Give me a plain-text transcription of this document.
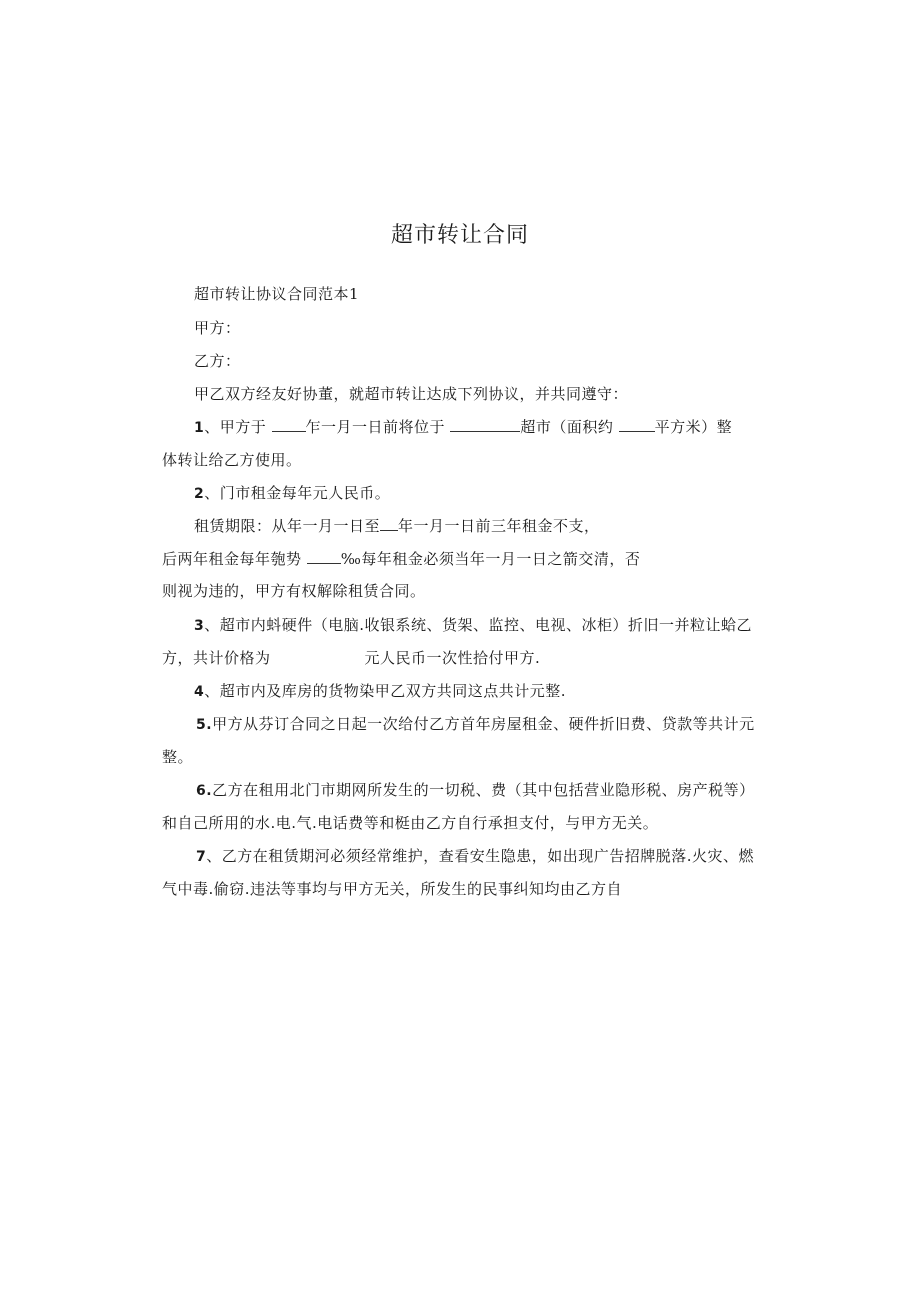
超市转让合同
超市转让协议合同范本1
甲方：
乙方：
甲乙双方经友好协董，就超市转让达成下列协议，并共同遵守：
1、甲方于	乍一月一日前将位于	超市（面积约	平方米）整
体转让给乙方使用。
2、门市租金每年元人民币。
租赁期限：从年一月一日至 年一月一日前三年租金不支，
后两年租金每年匏势	‰每年租金必须当年一月一日之箭交清，否
则视为违的，甲方有权解除租赁合同。
3、超市内蚪硬件（电脑.收银系统、货架、监控、电视、冰柜）折旧一并粒让蛤乙
方，共计价格为	元人民币一次性拾付甲方.
4、超市内及库房的货物染甲乙双方共同这点共计元整.
5.甲方从芬订合同之日起一次给付乙方首年房屋租金、硬件折旧费、贷款等共计元
整。
6.乙方在租用北门市期网所发生的一切税、费（其中包括营业隐形税、房产税等）
和自己所用的水.电.气.电话费等和梃由乙方自行承担支付，与甲方无关。
7、乙方在租赁期河必须经常维护，查看安生隐患，如出现广告招牌脱落.火灾、燃
气中毒.偷窃.违法等事均与甲方无关，所发生的民事纠知均由乙方自
